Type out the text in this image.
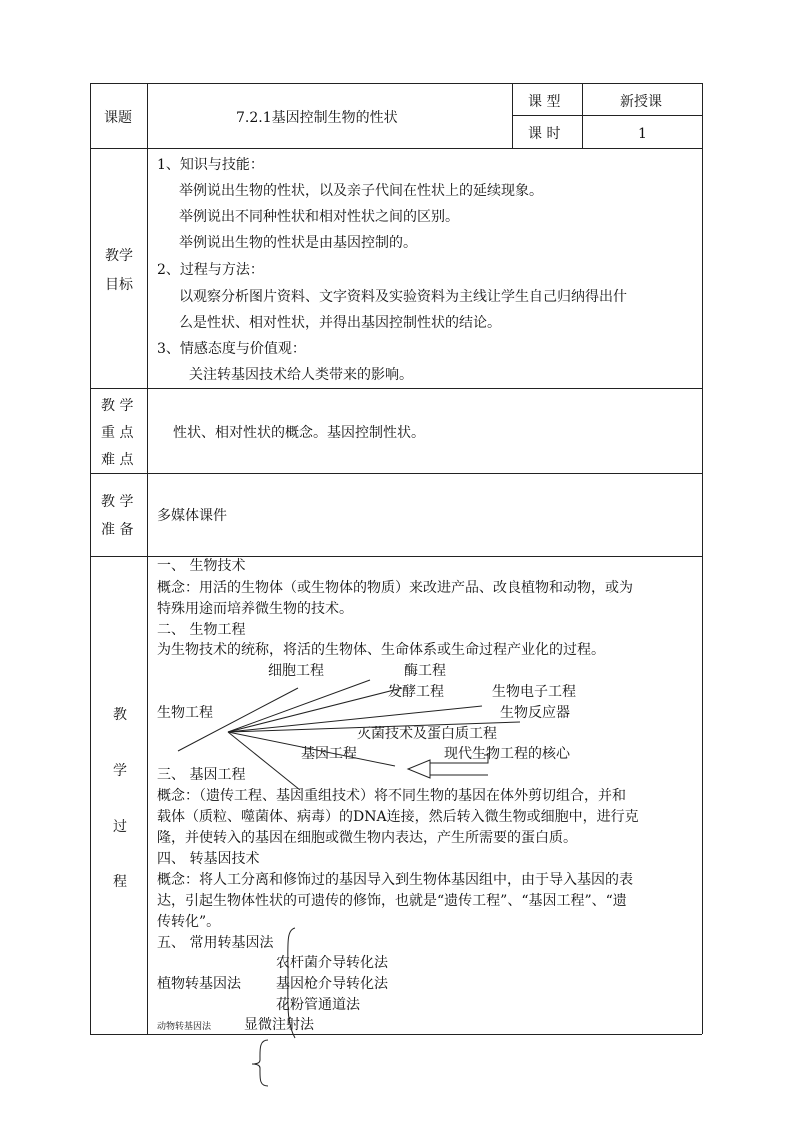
课题	7.2.1基因控制生物的性状
课 型	新授课
课 时	1
教学
目标
1、知识与技能：
举例说出生物的性状，以及亲子代间在性状上的延续现象。
举例说出不同种性状和相对性状之间的区别。
举例说出生物的性状是由基因控制的。
2、过程与方法：
以观察分析图片资料、文字资料及实验资料为主线让学生自己归纳得出什
么是性状、相对性状，并得出基因控制性状的结论。
3、情感态度与价值观：
关注转基因技术给人类带来的影响。
教 学
重 点
难 点
性状、相对性状的概念。基因控制性状。
教 学
准 备
多媒体课件
教
学
过
程
一、 生物技术
概念：用活的生物体（或生物体的物质）来改进产品、改良植物和动物，或为
特殊用途而培养微生物的技术。
二、 生物工程
为生物技术的统称，将活的生物体、生命体系或生命过程产业化的过程。
细胞工程	酶工程
发酵工程	生物电子工程
生物工程	生物反应器
灭菌技术及蛋白质工程
基因工程	现代生物工程的核心
三、 基因工程
概念：（遗传工程、基因重组技术）将不同生物的基因在体外剪切组合，并和
载体（质粒、噬菌体、病毒）的DNA连接，然后转入微生物或细胞中，进行克
隆，并使转入的基因在细胞或微生物内表达，产生所需要的蛋白质。
四、 转基因技术
概念：将人工分离和修饰过的基因导入到生物体基因组中，由于导入基因的表
达，引起生物体性状的可遗传的修饰，也就是“遗传工程”、“基因工程”、“遗
传转化”。
五、 常用转基因法
农杆菌介导转化法
植物转基因法	基因枪介导转化法
花粉管通道法
动物转基因法 显微注射法
